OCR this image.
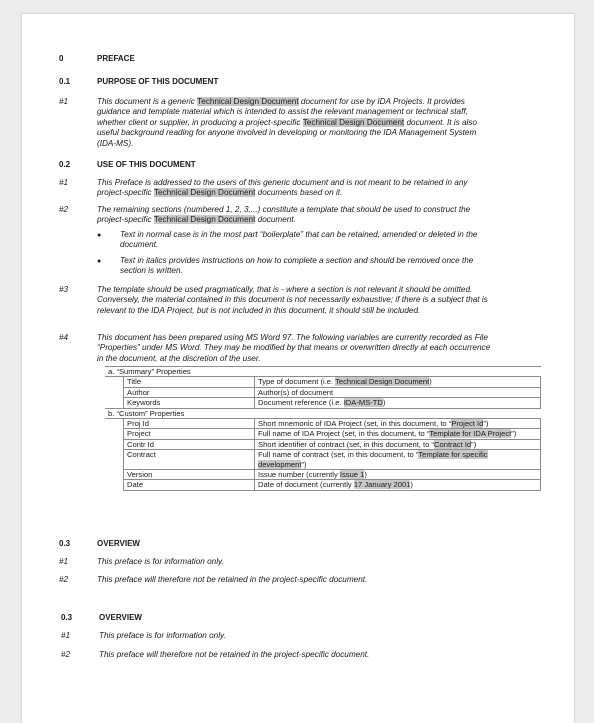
0	PREFACE
0.1	PURPOSE OF THIS DOCUMENT
#1	This document is a generic Technical Design Document document for use by IDA Projects. It provides guidance and template material which is intended to assist the relevant management or technical staff, whether client or supplier, in producing a project-specific Technical Design Document document. It is also useful background reading for anyone involved in developing or monitoring the IDA Management System (IDA-MS).
0.2	USE OF THIS DOCUMENT
#1	This Preface is addressed to the users of this generic document and is not meant to be retained in any project-specific Technical Design Document documents based on it.
#2	The remaining sections (numbered 1, 2, 3,...) constitute a template that should be used to construct the project-specific Technical Design Document document.
● Text in normal case is in the most part “boilerplate” that can be retained, amended or deleted in the document.
● Text in italics provides instructions on how to complete a section and should be removed once the section is written.
#3	The template should be used pragmatically, that is - where a section is not relevant it should be omitted. Conversely, the material contained in this document is not necessarily exhaustive; if there is a subject that is relevant to the IDA Project, but is not included in this document, it should still be included.
#4	This document has been prepared using MS Word 97. The following variables are currently recorded as File “Properties” under MS Word. They may be modified by that means or overwritten directly at each occurrence in the document, at the discretion of the user.
a. “Summary” Properties		
	Title	Type of document (i.e. Technical Design Document)
	Author	Author(s) of document
	Keywords	Document reference (i.e. IDA-MS-TD)
b. “Custom” Properties		
	Proj Id	Short mnemonic of IDA Project (set, in this document, to “Project Id”)
	Project	Full name of IDA Project (set, in this document, to “Template for IDA Project”)
	Contr Id	Short identifier of contract (set, in this document, to “Contract Id”)
	Contract	Full name of contract (set, in this document, to “Template for specific development”)
	Version	Issue number (currently Issue 1)
	Date	Date of document (currently 17 January 2001)
0.3	OVERVIEW
#1	This preface is for information only.
#2	This preface will therefore not be retained in the project-specific document.
0.3	OVERVIEW
#1	This preface is for information only.
#2	This preface will therefore not be retained in the project-specific document.
